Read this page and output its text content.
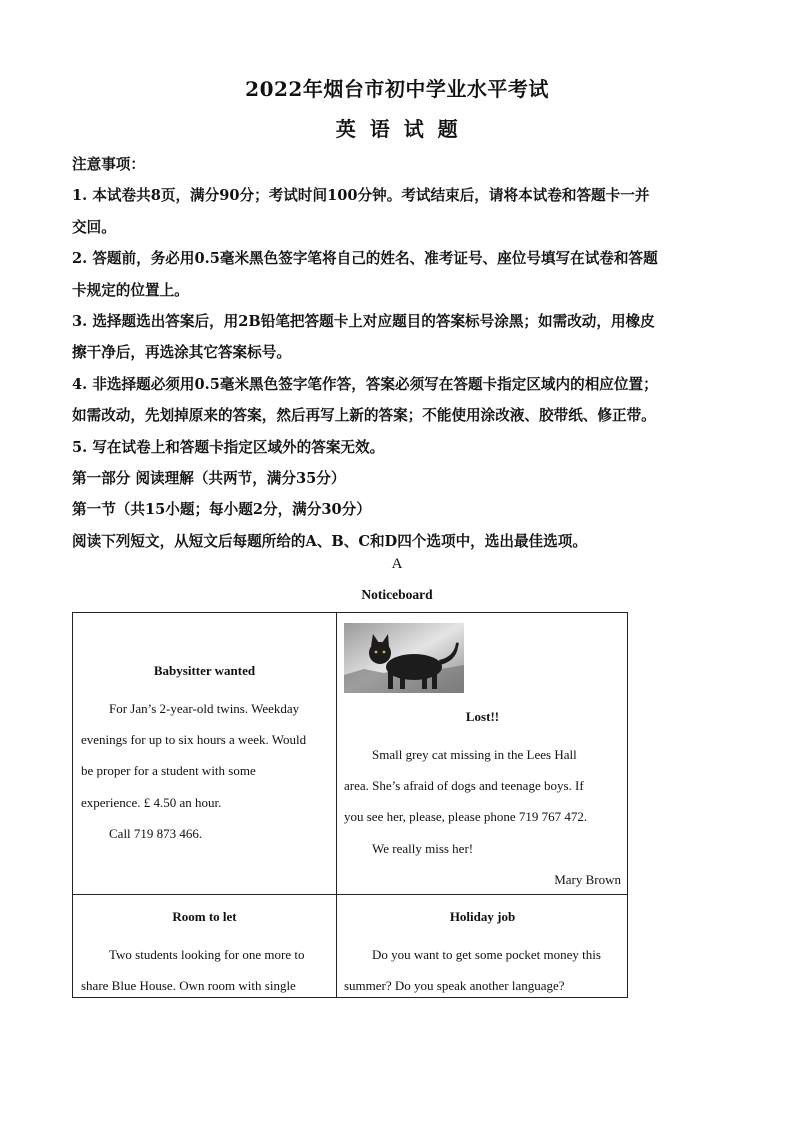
2022年烟台市初中学业水平考试
英 语 试 题
注意事项：
1. 本试卷共8页，满分90分；考试时间100分钟。考试结束后，请将本试卷和答题卡一并
交回。
2. 答题前，务必用0.5毫米黑色签字笔将自己的姓名、准考证号、座位号填写在试卷和答题
卡规定的位置上。
3. 选择题选出答案后，用2B铅笔把答题卡上对应题目的答案标号涂黑；如需改动，用橡皮
擦干净后，再选涂其它答案标号。
4. 非选择题必须用0.5毫米黑色签字笔作答，答案必须写在答题卡指定区域内的相应位置；
如需改动，先划掉原来的答案，然后再写上新的答案；不能使用涂改液、胶带纸、修正带。
5. 写在试卷上和答题卡指定区域外的答案无效。
第一部分 阅读理解（共两节，满分35分）
第一节（共15小题；每小题2分，满分30分）
阅读下列短文，从短文后每题所给的A、B、C和D四个选项中，选出最佳选项。
A
Noticeboard
Babysitter wanted
For Jan’s 2-year-old twins. Weekday
evenings for up to six hours a week. Would
be proper for a student with some
experience. £ 4.50 an hour.
Call 719 873 466.
Lost!!
Small grey cat missing in the Lees Hall
area. She’s afraid of dogs and teenage boys. If
you see her, please, please phone 719 767 472.
We really miss her!
Mary Brown
Room to let
Two students looking for one more to
share Blue House. Own room with single
Holiday job
Do you want to get some pocket money this
summer? Do you speak another language?
